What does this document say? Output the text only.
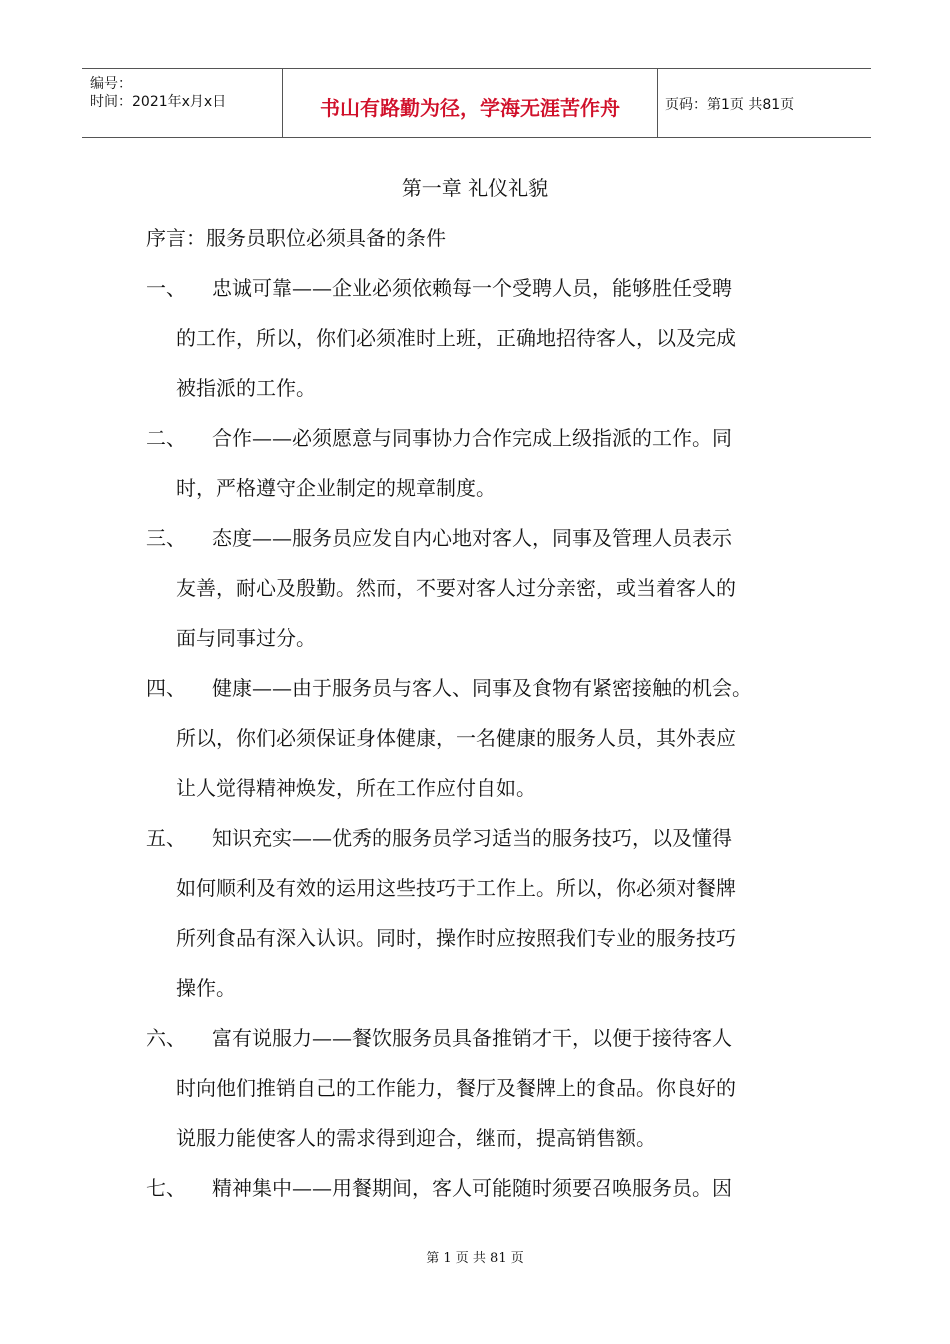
编号：
时间：2021年x月x日	书山有路勤为径，学海无涯苦作舟	页码：第1页 共81页
第一章 礼仪礼貌
序言：服务员职位必须具备的条件
一、 忠诚可靠——企业必须依赖每一个受聘人员，能够胜任受聘
的工作，所以，你们必须准时上班，正确地招待客人，以及完成
被指派的工作。
二、 合作——必须愿意与同事协力合作完成上级指派的工作。同
时，严格遵守企业制定的规章制度。
三、 态度——服务员应发自内心地对客人，同事及管理人员表示
友善，耐心及殷勤。然而，不要对客人过分亲密，或当着客人的
面与同事过分。
四、 健康——由于服务员与客人、同事及食物有紧密接触的机会。
所以，你们必须保证身体健康，一名健康的服务人员，其外表应
让人觉得精神焕发，所在工作应付自如。
五、 知识充实——优秀的服务员学习适当的服务技巧，以及懂得
如何顺利及有效的运用这些技巧于工作上。所以，你必须对餐牌
所列食品有深入认识。同时，操作时应按照我们专业的服务技巧
操作。
六、 富有说服力——餐饮服务员具备推销才干，以便于接待客人
时向他们推销自己的工作能力，餐厅及餐牌上的食品。你良好的
说服力能使客人的需求得到迎合，继而，提高销售额。
七、 精神集中——用餐期间，客人可能随时须要召唤服务员。因
第 1 页 共 81 页
